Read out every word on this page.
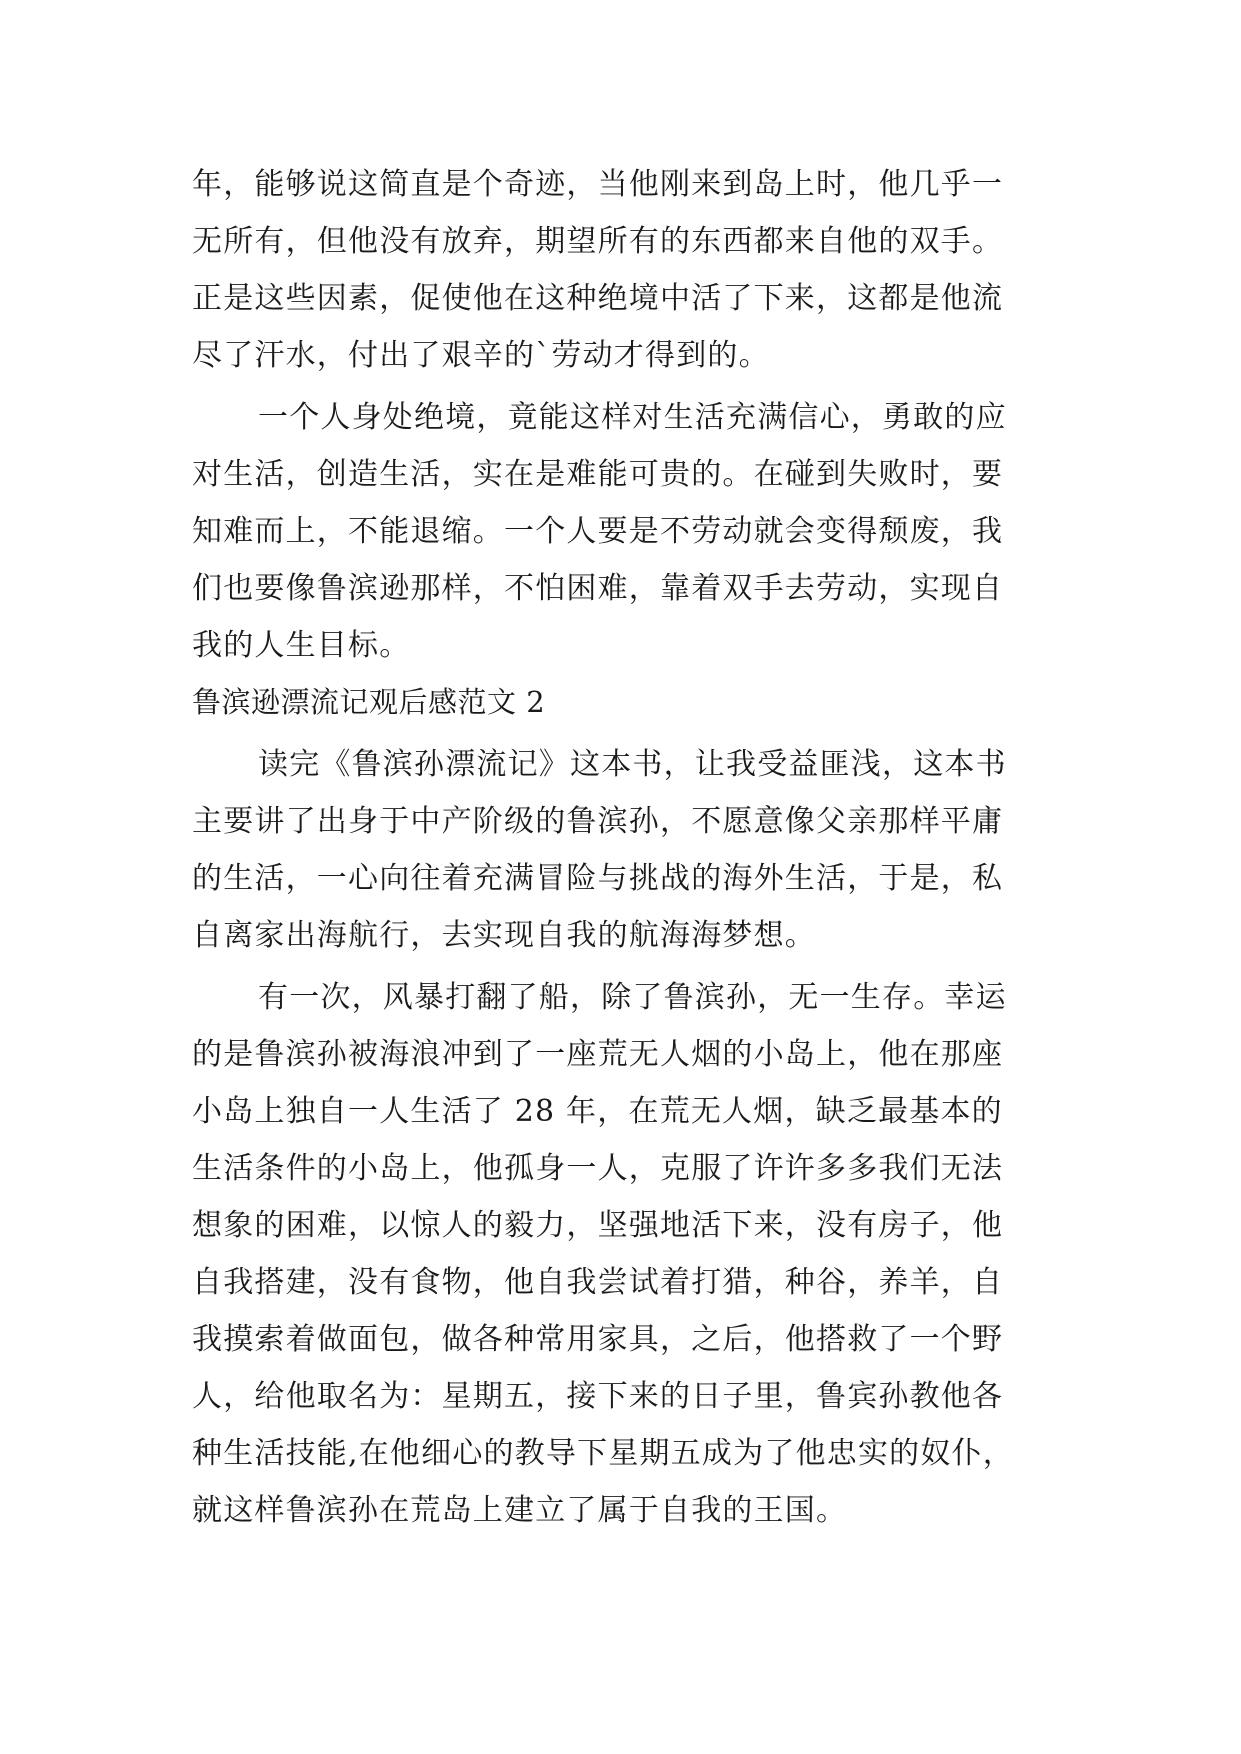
年，能够说这简直是个奇迹，当他刚来到岛上时，他几乎一
无所有，但他没有放弃，期望所有的东西都来自他的双手。
正是这些因素，促使他在这种绝境中活了下来，这都是他流
尽了汗水，付出了艰辛的`劳动才得到的。
一个人身处绝境，竟能这样对生活充满信心，勇敢的应
对生活，创造生活，实在是难能可贵的。在碰到失败时，要
知难而上，不能退缩。一个人要是不劳动就会变得颓废，我
们也要像鲁滨逊那样，不怕困难，靠着双手去劳动，实现自
我的人生目标。
鲁滨逊漂流记观后感范文 2
读完《鲁滨孙漂流记》这本书，让我受益匪浅，这本书
主要讲了出身于中产阶级的鲁滨孙，不愿意像父亲那样平庸
的生活，一心向往着充满冒险与挑战的海外生活，于是，私
自离家出海航行，去实现自我的航海海梦想。
有一次，风暴打翻了船，除了鲁滨孙，无一生存。幸运
的是鲁滨孙被海浪冲到了一座荒无人烟的小岛上，他在那座
小岛上独自一人生活了 28 年，在荒无人烟，缺乏最基本的
生活条件的小岛上，他孤身一人，克服了许许多多我们无法
想象的困难，以惊人的毅力，坚强地活下来，没有房子，他
自我搭建，没有食物，他自我尝试着打猎，种谷，养羊，自
我摸索着做面包，做各种常用家具，之后，他搭救了一个野
人，给他取名为：星期五，接下来的日子里，鲁宾孙教他各
种生活技能,在他细心的教导下星期五成为了他忠实的奴仆，
就这样鲁滨孙在荒岛上建立了属于自我的王国。
